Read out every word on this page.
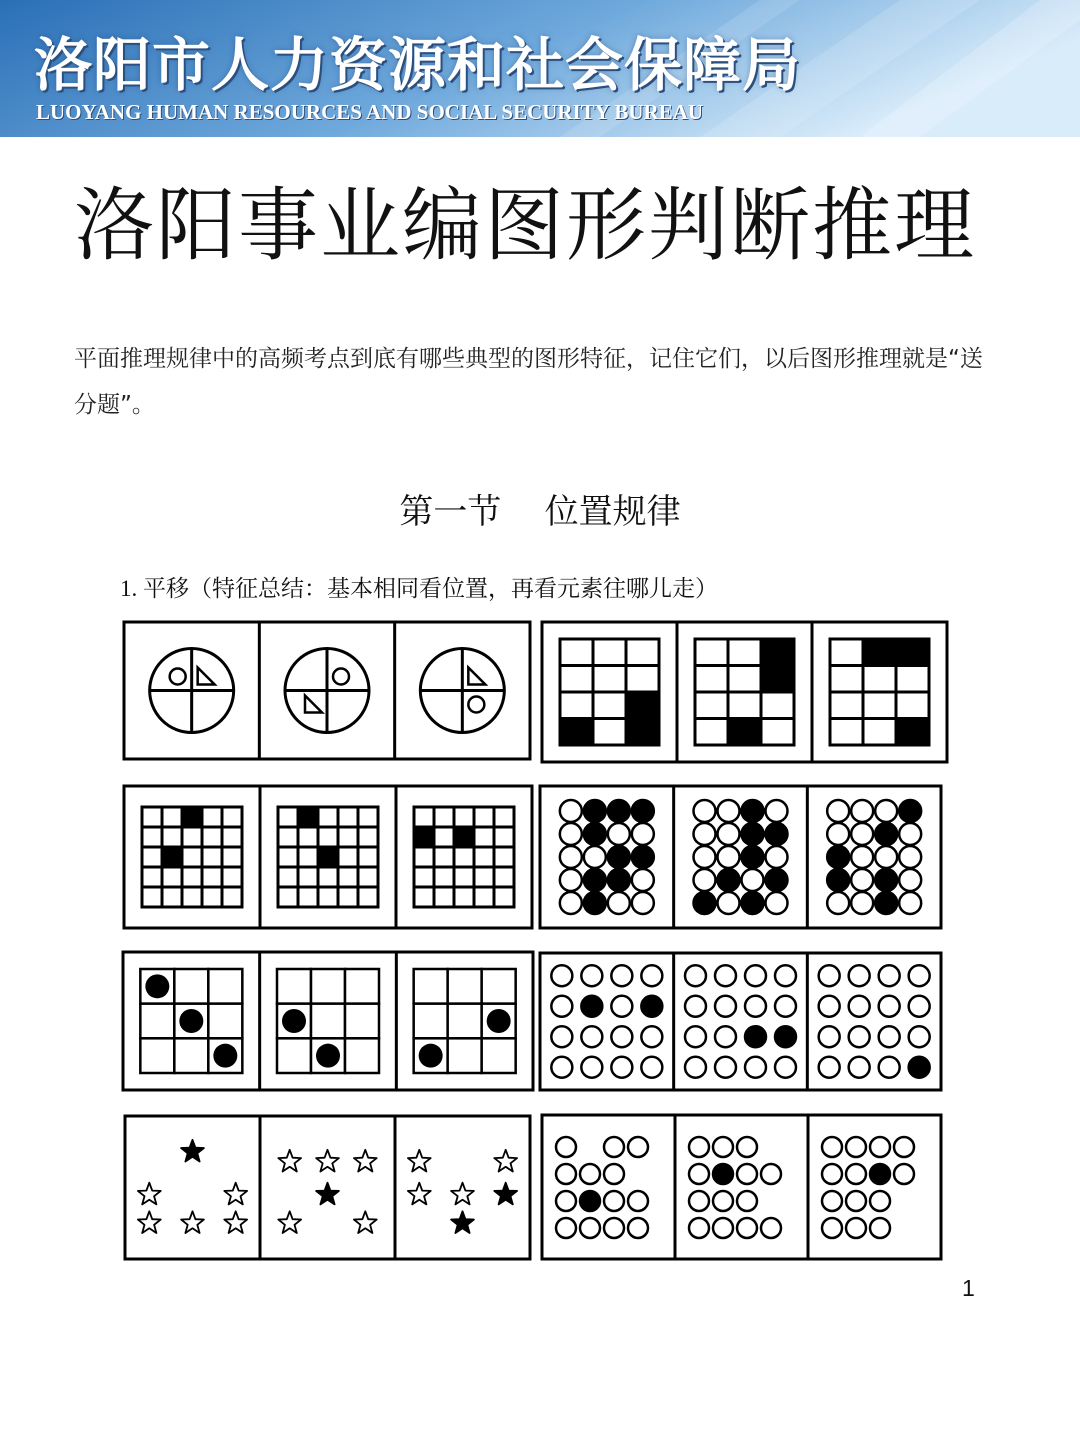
洛阳市人力资源和社会保障局
LUOYANG HUMAN RESOURCES AND SOCIAL SECURITY BUREAU
洛阳事业编图形判断推理
平面推理规律中的高频考点到底有哪些典型的图形特征，记住它们，以后图形推理就是“送分题”。
第一节 位置规律
1. 平移（特征总结：基本相同看位置，再看元素往哪儿走）
1
